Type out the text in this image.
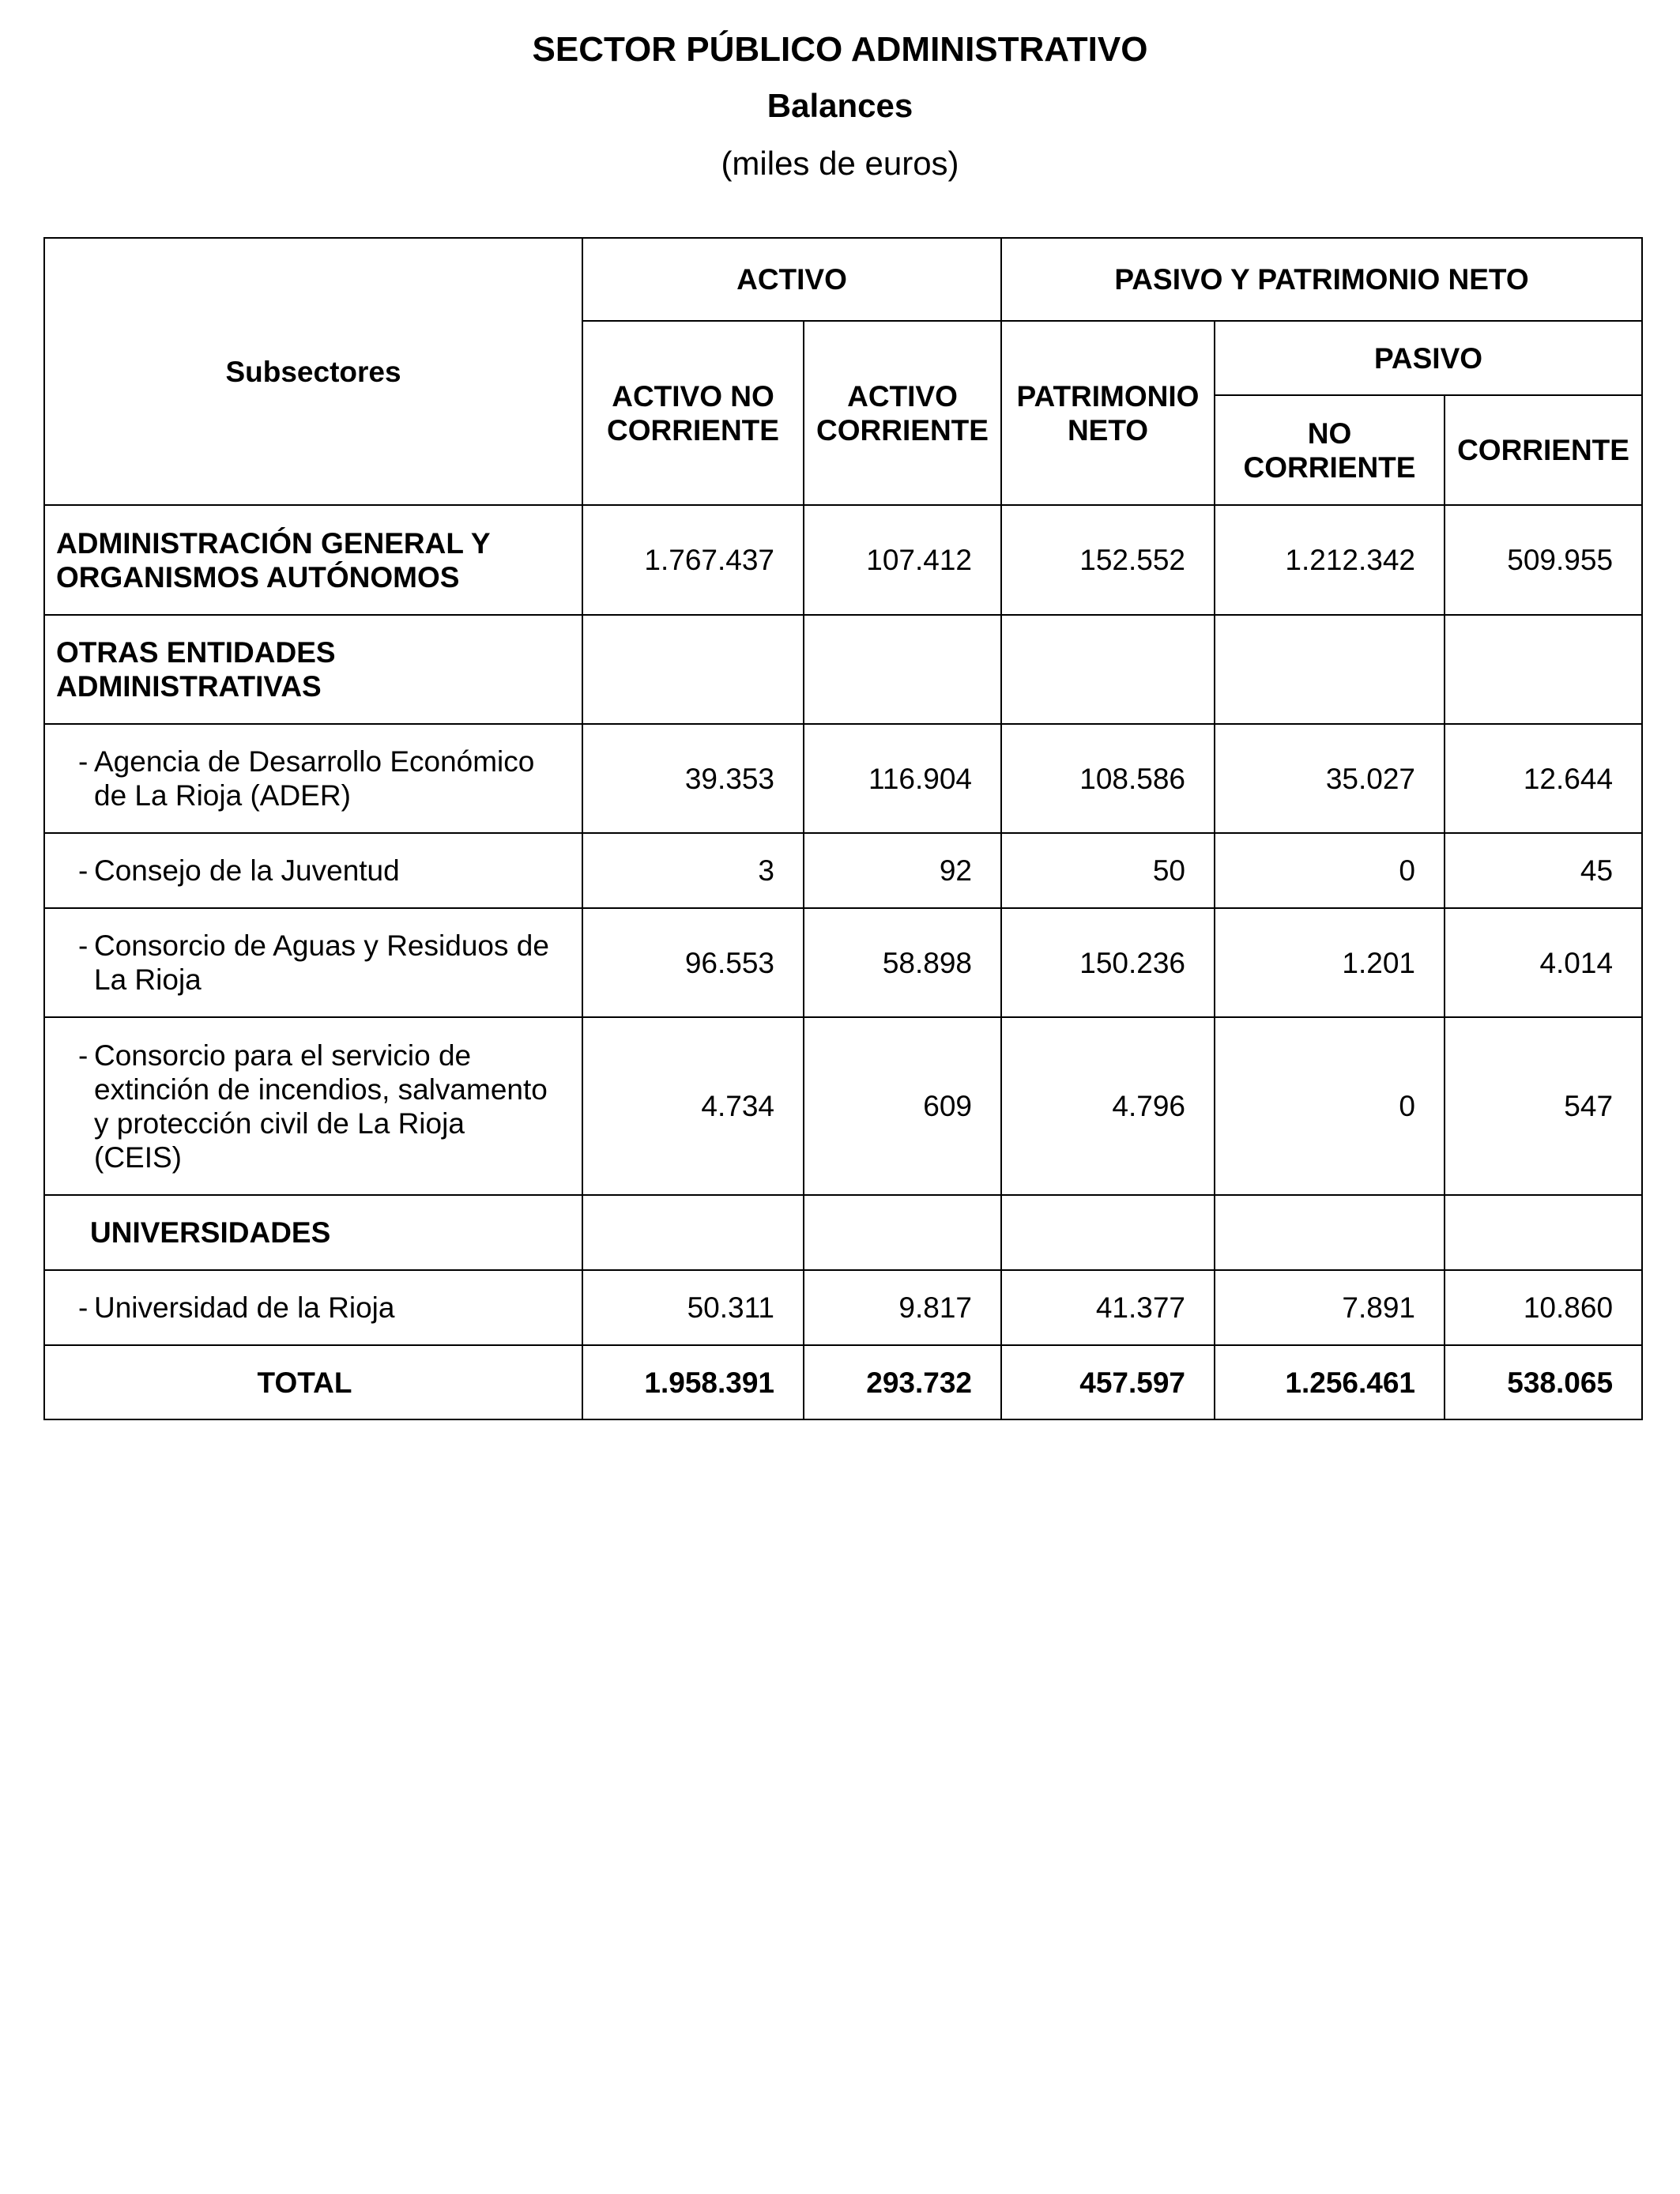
SECTOR PÚBLICO ADMINISTRATIVO
Balances
(miles de euros)
Subsectores	ACTIVO		PASIVO Y PATRIMONIO NETO		
	ACTIVO NO CORRIENTE	ACTIVO CORRIENTE	PATRIMONIO NETO	PASIVO	
				NO CORRIENTE	CORRIENTE
ADMINISTRACIÓN GENERAL Y ORGANISMOS AUTÓNOMOS	1.767.437	107.412	152.552	1.212.342	509.955
OTRAS ENTIDADES ADMINISTRATIVAS					

- Agencia de Desarrollo Económico de La Rioja (ADER)	39.353	116.904	108.586	35.027	12.644

- Consejo de la Juventud	3	92	50	0	45

- Consorcio de Aguas y Residuos de La Rioja	96.553	58.898	150.236	1.201	4.014

- Consorcio para el servicio de extinción de incendios, salvamento y protección civil de La Rioja (CEIS)	4.734	609	4.796	0	547
UNIVERSIDADES					

- Universidad de la Rioja	50.311	9.817	41.377	7.891	10.860
TOTAL	1.958.391	293.732	457.597	1.256.461	538.065
